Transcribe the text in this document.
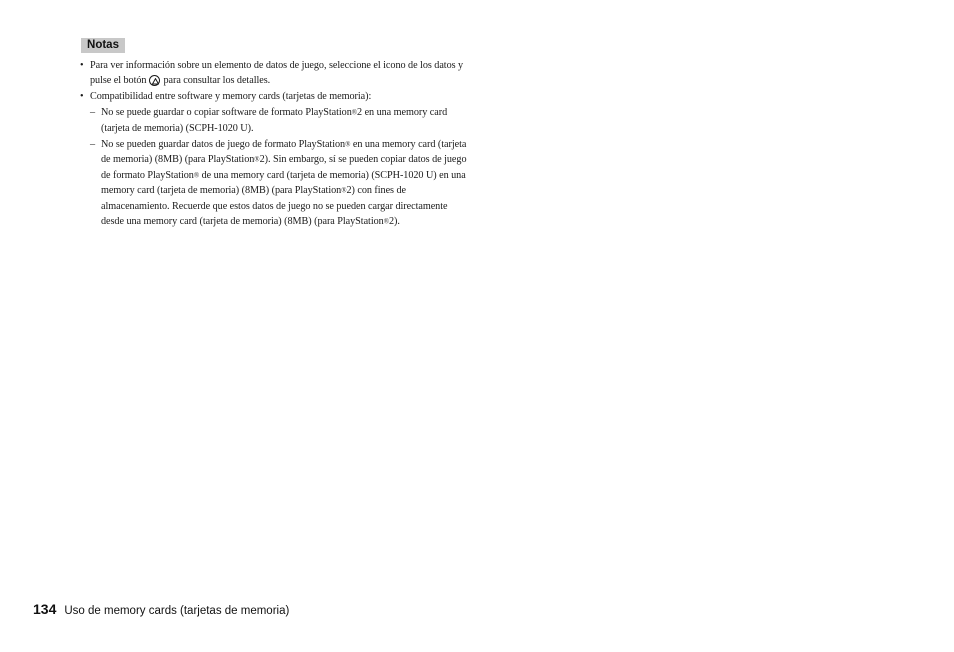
Notas
• Para ver información sobre un elemento de datos de juego, seleccione el icono de los datos y pulse el botón para consultar los detalles.
• Compatibilidad entre software y memory cards (tarjetas de memoria):
– No se puede guardar o copiar software de formato PlayStation®2 en una memory card (tarjeta de memoria) (SCPH-1020 U).
– No se pueden guardar datos de juego de formato PlayStation® en una memory card (tarjeta de memoria) (8MB) (para PlayStation®2). Sin embargo, sí se pueden copiar datos de juego de formato PlayStation® de una memory card (tarjeta de memoria) (SCPH-1020 U) en una memory card (tarjeta de memoria) (8MB) (para PlayStation®2) con fines de almacenamiento. Recuerde que estos datos de juego no se pueden cargar directamente desde una memory card (tarjeta de memoria) (8MB) (para PlayStation®2).
134 Uso de memory cards (tarjetas de memoria)
